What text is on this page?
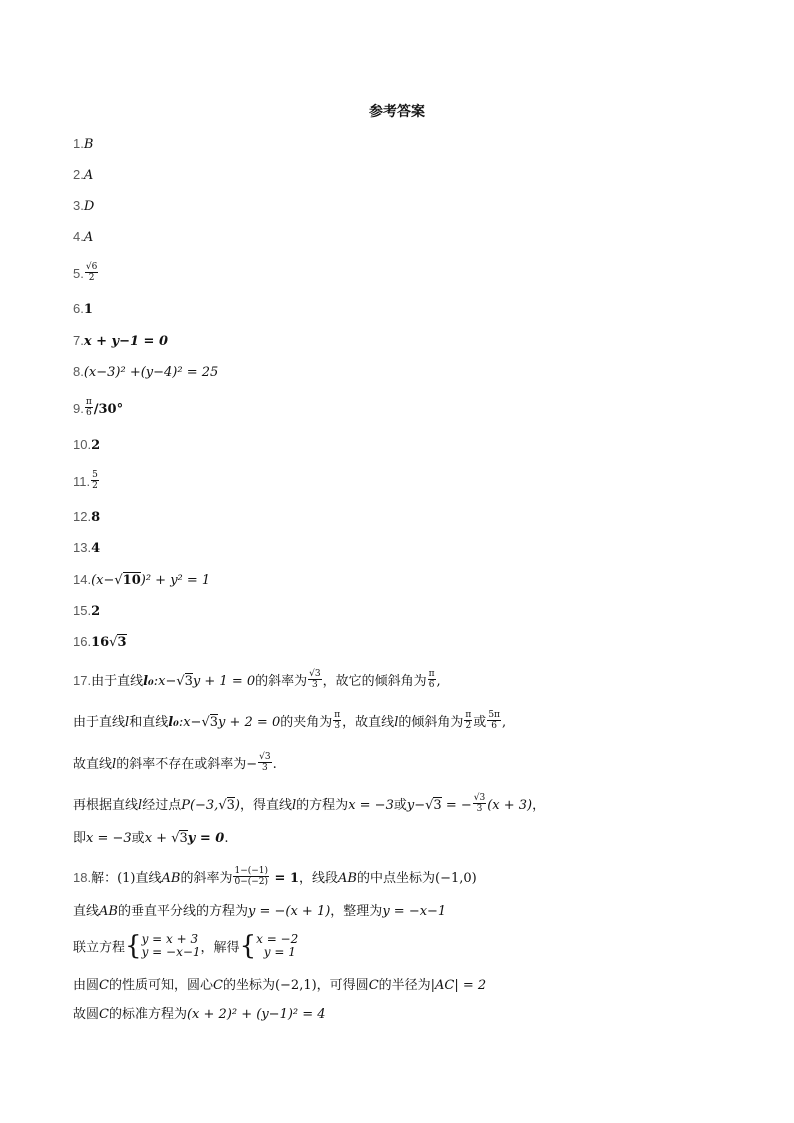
参考答案
1.B
2.A
3.D
4.A
5. $\frac{√6}{2}$
6.1
7.x + y−1 = 0
8.(x−3)² +(y−4)² = 25
9. $\frac{\pi}{6} /30^\circ$
10.2
11. $\frac{5}{2}$
12.8
13.4
14.(x−√10)² + y² = 1
15.2
16.16√3
17.由于直线l₀:x−√3y + 1 = 0的斜率为 $\frac{√3}{3}$ ，故它的倾斜角为 $\frac{\pi}{6}$ ,
由于直线l和直线l₀:x−√3y + 2 = 0的夹角为 $\frac{\pi}{3}$ ，故直线l的倾斜角为 $\frac{\pi}{2}$ 或 $\frac{5\pi}{6}$ ,
故直线l的斜率不存在或斜率为− $\frac{√3}{3}$ .
再根据直线l经过点P(−3,√3)，得直线l的方程为x = −3或y−√3 = − $\frac{√3}{3} (x + 3)$，
即x = −3或x + √3y = 0.
18.解：(1)直线AB的斜率为 $\frac{1-(-1)}{0-(-2)} = 1$，线段AB的中点坐标为(−1,0)
直线AB的垂直平分线的方程为y = −(x + 1)，整理为y = −x−1
联立方程{ y = x + 3
y = −x−1 ，解得{ x = −2
y = 1
由圆C的性质可知，圆心C的坐标为(−2,1)，可得圆C的半径为|AC| = 2
故圆C的标准方程为(x + 2)² + (y−1)² = 4
